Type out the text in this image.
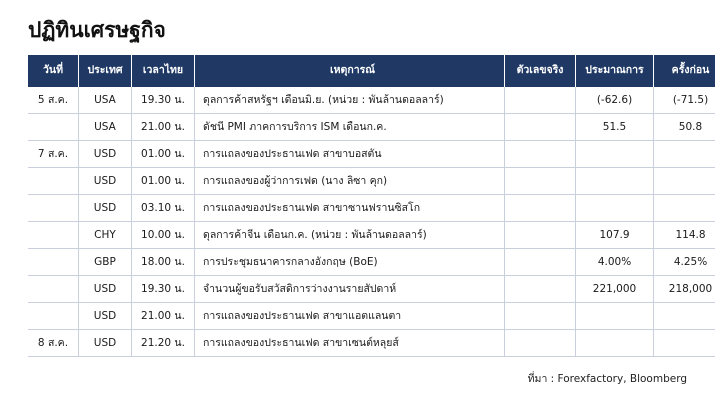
ปฏิทินเศรษฐกิจ
วันที่	ประเทศ	เวลาไทย	เหตุการณ์	ตัวเลขจริง	ประมาณการ	ครั้งก่อน
5 ส.ค.	USA	19.30 น.	ดุลการค้าสหรัฐฯ เดือนมิ.ย. (หน่วย : พันล้านดอลลาร์)		(-62.6)	(-71.5)
	USA	21.00 น.	ดัชนี PMI ภาคการบริการ ISM เดือนก.ค.		51.5	50.8
7 ส.ค.	USD	01.00 น.	การแถลงของประธานเฟด สาขาบอสตัน			
	USD	01.00 น.	การแถลงของผู้ว่าการเฟด (นาง ลิซา คุก)			
	USD	03.10 น.	การแถลงของประธานเฟด สาขาซานฟรานซิสโก			
	CHY	10.00 น.	ดุลการค้าจีน เดือนก.ค. (หน่วย : พันล้านดอลลาร์)		107.9	114.8
	GBP	18.00 น.	การประชุมธนาคารกลางอังกฤษ (BoE)		4.00%	4.25%
	USD	19.30 น.	จำนวนผู้ขอรับสวัสดิการว่างงานรายสัปดาห์		221,000	218,000
	USD	21.00 น.	การแถลงของประธานเฟด สาขาแอตแลนตา			
8 ส.ค.	USD	21.20 น.	การแถลงของประธานเฟด สาขาเซนต์หลุยส์			
ที่มา : Forexfactory, Bloomberg
